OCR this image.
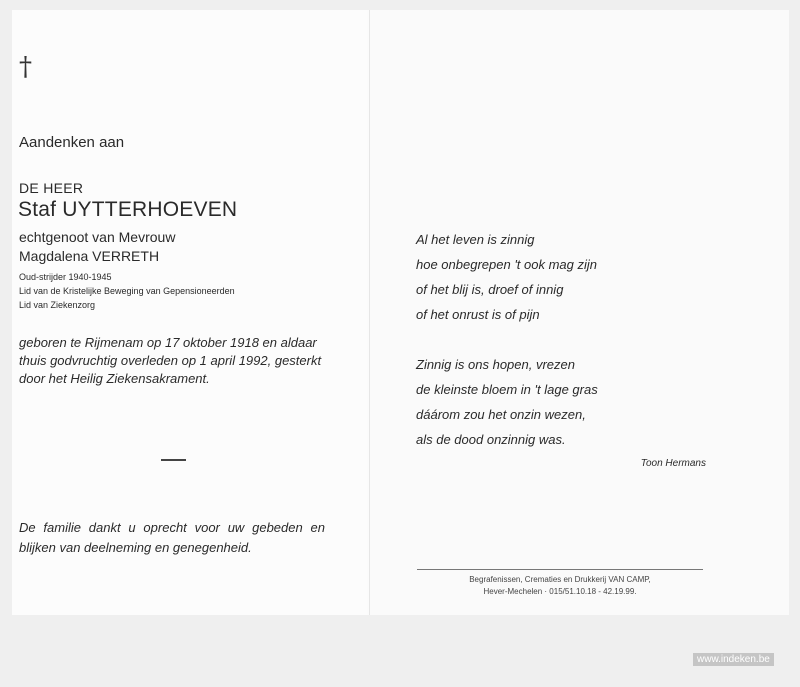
†
Aandenken aan
DE HEER
Staf UYTTERHOEVEN
echtgenoot van Mevrouw
Magdalena VERRETH
Oud-strijder 1940-1945
Lid van de Kristelijke Beweging van Gepensioneerden
Lid van Ziekenzorg
geboren te Rijmenam op 17 oktober 1918 en aldaar thuis godvruchtig overleden op 1 april 1992, gesterkt door het Heilig Ziekensakrament.
De familie dankt u oprecht voor uw gebeden en blijken van deelneming en genegenheid.
Al het leven is zinnig
hoe onbegrepen 't ook mag zijn
of het blij is, droef of innig
of het onrust is of pijn
Zinnig is ons hopen, vrezen
de kleinste bloem in 't lage gras
dáárom zou het onzin wezen,
als de dood onzinnig was.
Toon Hermans
Begrafenissen, Crematies en Drukkerij VAN CAMP,
Hever-Mechelen · 015/51.10.18 - 42.19.99.
www.indeken.be
